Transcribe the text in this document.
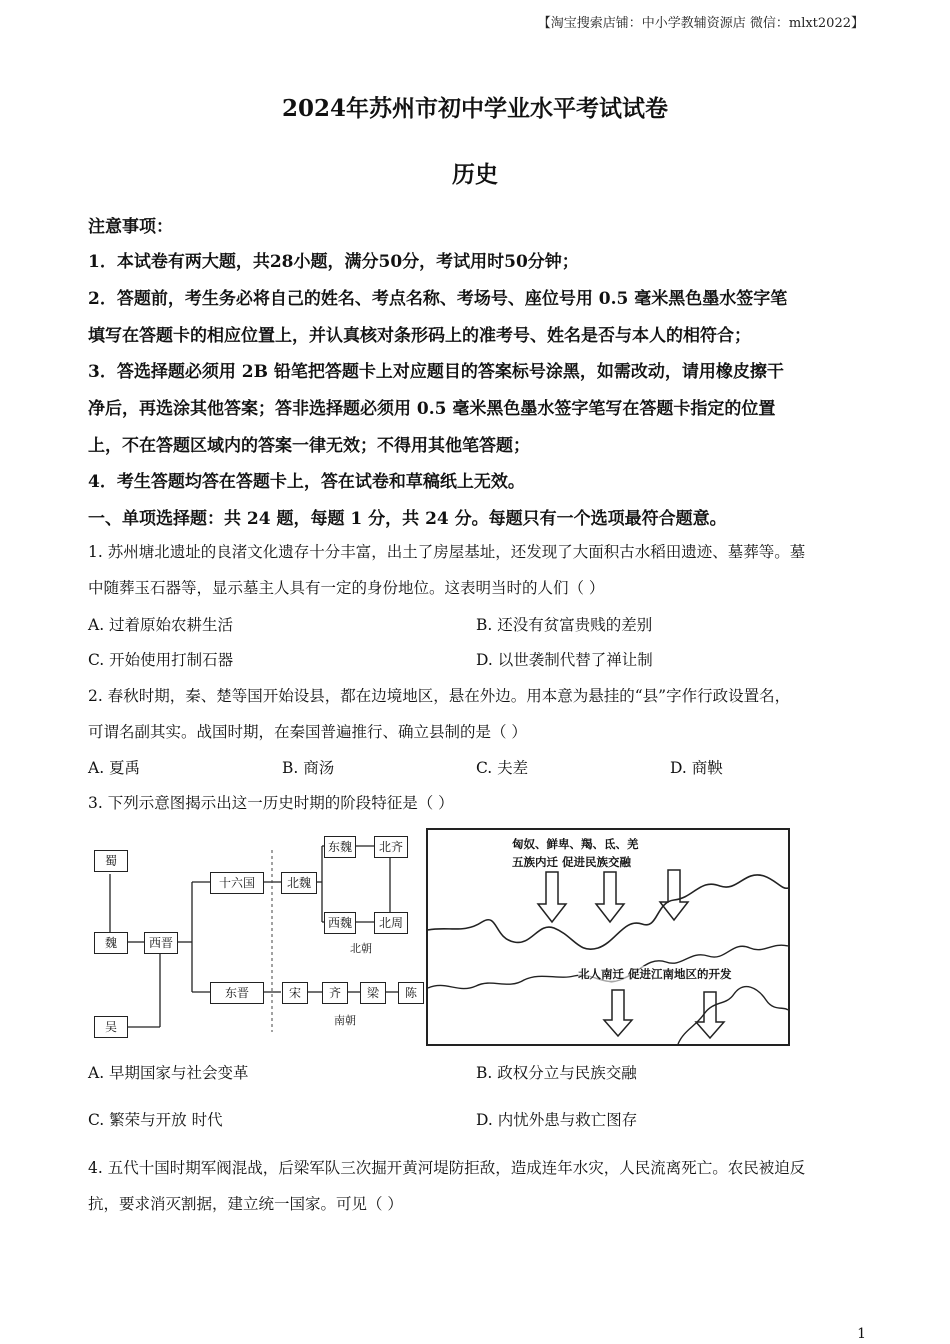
【淘宝搜索店铺：中小学教辅资源店 微信：mlxt2022】
2024年苏州市初中学业水平考试试卷
历史
注意事项：
1．本试卷有两大题，共28小题，满分50分，考试用时50分钟；
2．答题前，考生务必将自己的姓名、考点名称、考场号、座位号用 0.5 毫米黑色墨水签字笔
填写在答题卡的相应位置上，并认真核对条形码上的准考号、姓名是否与本人的相符合；
3．答选择题必须用 2B 铅笔把答题卡上对应题目的答案标号涂黑，如需改动，请用橡皮擦干
净后，再选涂其他答案；答非选择题必须用 0.5 毫米黑色墨水签字笔写在答题卡指定的位置
上，不在答题区域内的答案一律无效；不得用其他笔答题；
4．考生答题均答在答题卡上，答在试卷和草稿纸上无效。
一、单项选择题：共 24 题，每题 1 分，共 24 分。每题只有一个选项最符合题意。
1. 苏州塘北遗址的良渚文化遗存十分丰富，出土了房屋基址，还发现了大面积古水稻田遗迹、墓葬等。墓
中随葬玉石器等，显示墓主人具有一定的身份地位。这表明当时的人们（ ）
A. 过着原始农耕生活	B. 还没有贫富贵贱的差别
C. 开始使用打制石器	D. 以世袭制代替了禅让制
2. 春秋时期，秦、楚等国开始设县，都在边境地区，悬在外边。用本意为悬挂的“县”字作行政设置名，
可谓名副其实。战国时期，在秦国普遍推行、确立县制的是（ ）
A. 夏禹	B. 商汤	C. 夫差	D. 商鞅
3. 下列示意图揭示出这一历史时期的阶段特征是（ ）
蜀
魏
吴
西晋
十六国
东晋
北魏
东魏
西魏
北齐
北周
宋	齐	梁	陈
北朝
南朝
匈奴、鲜卑、羯、氐、羌
五族内迁 促进民族交融
北人南迁 促进江南地区的开发
A. 早期国家与社会变革	B. 政权分立与民族交融
C. 繁荣与开放 时代	D. 内忧外患与救亡图存
4. 五代十国时期军阀混战，后梁军队三次掘开黄河堤防拒敌，造成连年水灾，人民流离死亡。农民被迫反
抗，要求消灭割据，建立统一国家。可见（ ）
1
